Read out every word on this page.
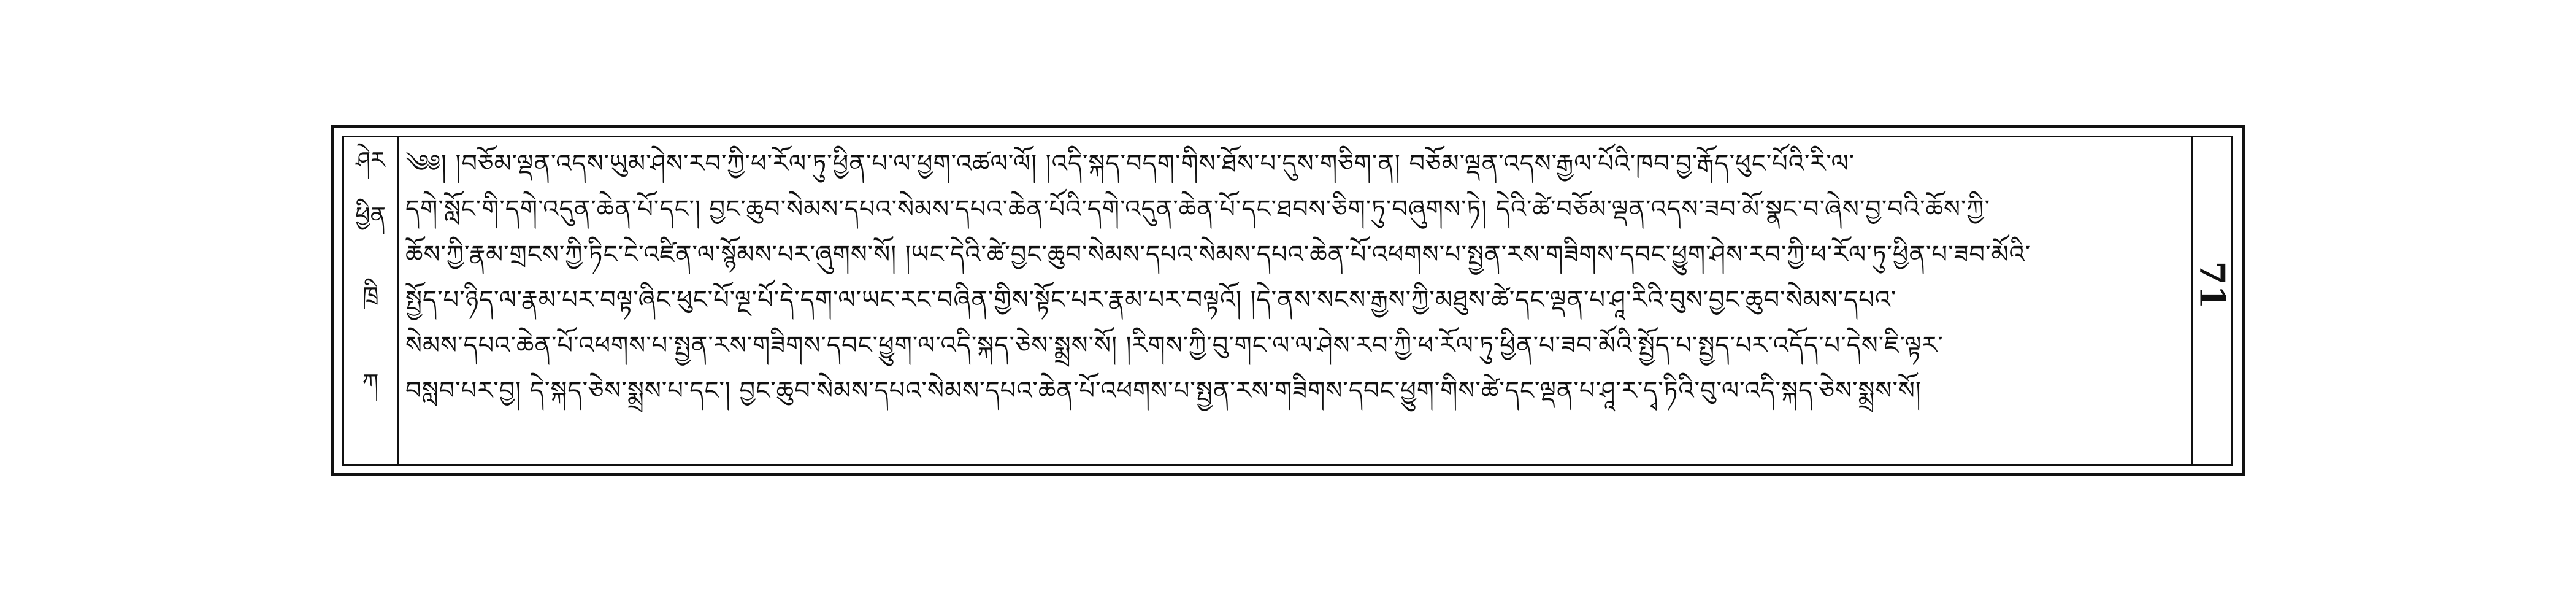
ཤེར
ཕྱིན
ཁྲི
ཀ
༄༅། །བཅོམ་ལྡན་འདས་ཡུམ་ཤེས་རབ་ཀྱི་ཕ་རོལ་ཏུ་ཕྱིན་པ་ལ་ཕྱག་འཚལ་ལོ། །འདི་སྐད་བདག་གིས་ཐོས་པ་དུས་གཅིག་ན། བཅོམ་ལྡན་འདས་རྒྱལ་པོའི་ཁབ་བྱ་རྒོད་ཕུང་པོའི་རི་ལ་
དགེ་སློང་གི་དགེ་འདུན་ཆེན་པོ་དང་། བྱང་ཆུབ་སེམས་དཔའ་སེམས་དཔའ་ཆེན་པོའི་དགེ་འདུན་ཆེན་པོ་དང་ཐབས་ཅིག་ཏུ་བཞུགས་ཏེ། དེའི་ཚེ་བཅོམ་ལྡན་འདས་ཟབ་མོ་སྣང་བ་ཞེས་བྱ་བའི་ཆོས་ཀྱི་
ཆོས་ཀྱི་རྣམ་གྲངས་ཀྱི་ཏིང་ངེ་འཛིན་ལ་སྙོམས་པར་ཞུགས་སོ། །ཡང་དེའི་ཚེ་བྱང་ཆུབ་སེམས་དཔའ་སེམས་དཔའ་ཆེན་པོ་འཕགས་པ་སྤྱན་རས་གཟིགས་དབང་ཕྱུག་ཤེས་རབ་ཀྱི་ཕ་རོལ་ཏུ་ཕྱིན་པ་ཟབ་མོའི་
སྤྱོད་པ་ཉིད་ལ་རྣམ་པར་བལྟ་ཞིང་ཕུང་པོ་ལྔ་པོ་དེ་དག་ལ་ཡང་རང་བཞིན་གྱིས་སྟོང་པར་རྣམ་པར་བལྟའོ། །དེ་ནས་སངས་རྒྱས་ཀྱི་མཐུས་ཚེ་དང་ལྡན་པ་ཤཱ་རིའི་བུས་བྱང་ཆུབ་སེམས་དཔའ་
སེམས་དཔའ་ཆེན་པོ་འཕགས་པ་སྤྱན་རས་གཟིགས་དབང་ཕྱུག་ལ་འདི་སྐད་ཅེས་སྨྲས་སོ། །རིགས་ཀྱི་བུ་གང་ལ་ལ་ཤེས་རབ་ཀྱི་ཕ་རོལ་ཏུ་ཕྱིན་པ་ཟབ་མོའི་སྤྱོད་པ་སྤྱད་པར་འདོད་པ་དེས་ཇི་ལྟར་
བསླབ་པར་བྱ། དེ་སྐད་ཅེས་སྨྲས་པ་དང་། བྱང་ཆུབ་སེམས་དཔའ་སེམས་དཔའ་ཆེན་པོ་འཕགས་པ་སྤྱན་རས་གཟིགས་དབང་ཕྱུག་གིས་ཚེ་དང་ལྡན་པ་ཤཱ་ར་དྭ་ཏིའི་བུ་ལ་འདི་སྐད་ཅེས་སྨྲས་སོ།
71
